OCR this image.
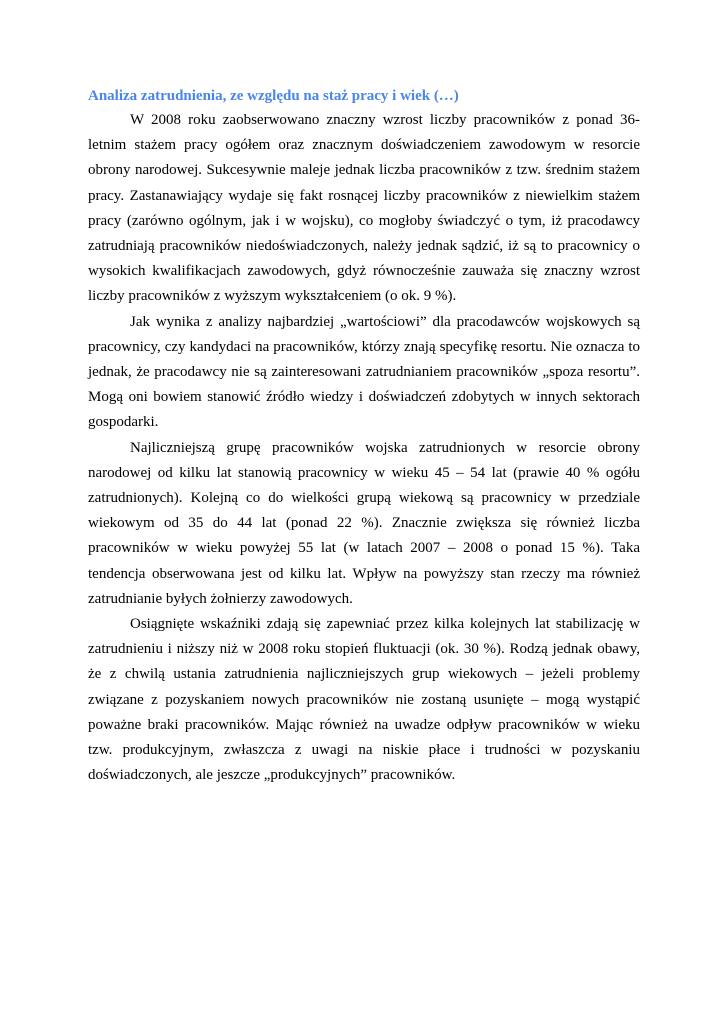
Analiza zatrudnienia, ze względu na staż pracy i wiek (…)

W 2008 roku zaobserwowano znaczny wzrost liczby pracowników z ponad 36-letnim stażem pracy ogółem oraz znacznym doświadczeniem zawodowym w resorcie obrony narodowej. Sukcesywnie maleje jednak liczba pracowników z tzw. średnim stażem pracy. Zastanawiający wydaje się fakt rosnącej liczby pracowników z niewielkim stażem pracy (zarówno ogólnym, jak i w wojsku), co mogłoby świadczyć o tym, iż pracodawcy zatrudniają pracowników niedoświadczonych, należy jednak sądzić, iż są to pracownicy o wysokich kwalifikacjach zawodowych, gdyż równocześnie zauważa się znaczny wzrost liczby pracowników z wyższym wykształceniem (o ok. 9 %).

Jak wynika z analizy najbardziej „wartościowi” dla pracodawców wojskowych są pracownicy, czy kandydaci na pracowników, którzy znają specyfikę resortu. Nie oznacza to jednak, że pracodawcy nie są zainteresowani zatrudnianiem pracowników „spoza resortu”. Mogą oni bowiem stanowić źródło wiedzy i doświadczeń zdobytych w innych sektorach gospodarki.

Najliczniejszą grupę pracowników wojska zatrudnionych w resorcie obrony narodowej od kilku lat stanowią pracownicy w wieku 45 – 54 lat (prawie 40 % ogółu zatrudnionych). Kolejną co do wielkości grupą wiekową są pracownicy w przedziale wiekowym od 35 do 44 lat (ponad 22 %). Znacznie zwiększa się również liczba pracowników w wieku powyżej 55 lat (w latach 2007 – 2008 o ponad 15 %). Taka tendencja obserwowana jest od kilku lat. Wpływ na powyższy stan rzeczy ma również zatrudnianie byłych żołnierzy zawodowych.

Osiągnięte wskaźniki zdają się zapewniać przez kilka kolejnych lat stabilizację w zatrudnieniu i niższy niż w 2008 roku stopień fluktuacji (ok. 30 %). Rodzą jednak obawy, że z chwilą ustania zatrudnienia najliczniejszych grup wiekowych – jeżeli problemy związane z pozyskaniem nowych pracowników nie zostaną usunięte – mogą wystąpić poważne braki pracowników. Mając również na uwadze odpływ pracowników w wieku tzw. produkcyjnym, zwłaszcza z uwagi na niskie płace i trudności w pozyskaniu doświadczonych, ale jeszcze „produkcyjnych” pracowników.
